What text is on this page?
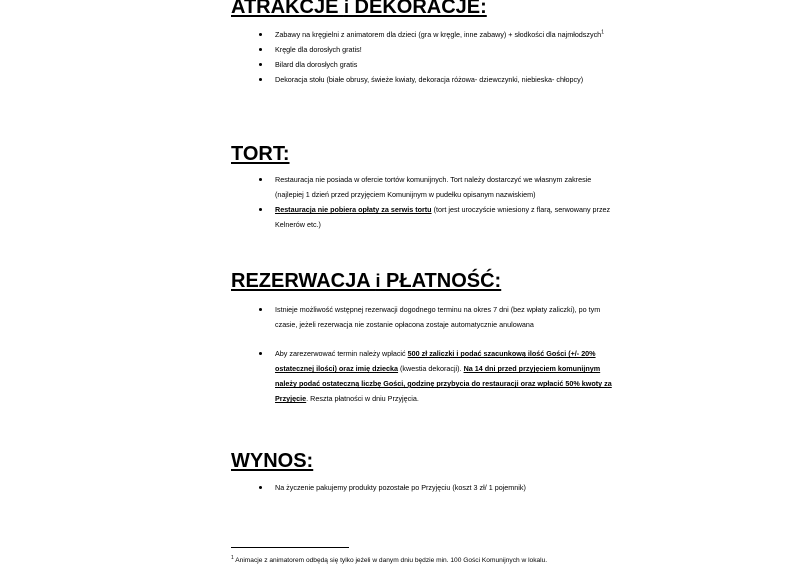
ATRAKCJE i DEKORACJE:
Zabawy na kręgielni z animatorem dla dzieci (gra w kręgle, inne zabawy) + słodkości dla najmłodszych$^1$
Kręgle dla dorosłych gratis!
Bilard dla dorosłych gratis
Dekoracja stołu (białe obrusy, świeże kwiaty, dekoracja różowa- dziewczynki, niebieska- chłopcy)
TORT:
Restauracja nie posiada w ofercie tortów komunijnych. Tort należy dostarczyć we własnym zakresie (najlepiej 1 dzień przed przyjęciem Komunijnym w pudełku opisanym nazwiskiem)
Restauracja nie pobiera opłaty za serwis tortu (tort jest uroczyście wniesiony z flarą, serwowany przez Kelnerów etc.)
REZERWACJA i PŁATNOŚĆ:
Istnieje możliwość wstępnej rezerwacji dogodnego terminu na okres 7 dni (bez wpłaty zaliczki), po tym czasie, jeżeli rezerwacja nie zostanie opłacona zostaje automatycznie anulowana
Aby zarezerwować termin należy wpłacić 500 zł zaliczki i podać szacunkową ilość Gości (+/- 20% ostatecznej ilości) oraz imię dziecka (kwestia dekoracji). Na 14 dni przed przyjęciem komunijnym należy podać ostateczną liczbę Gości, godzinę przybycia do restauracji oraz wpłacić 50% kwoty za Przyjęcie. Reszta płatności w dniu Przyjęcia.
WYNOS:
Na życzenie pakujemy produkty pozostałe po Przyjęciu (koszt 3 zł/ 1 pojemnik)
$^1$ Animacje z animatorem odbędą się tylko jeżeli w danym dniu będzie min. 100 Gości Komunijnych w lokalu.
